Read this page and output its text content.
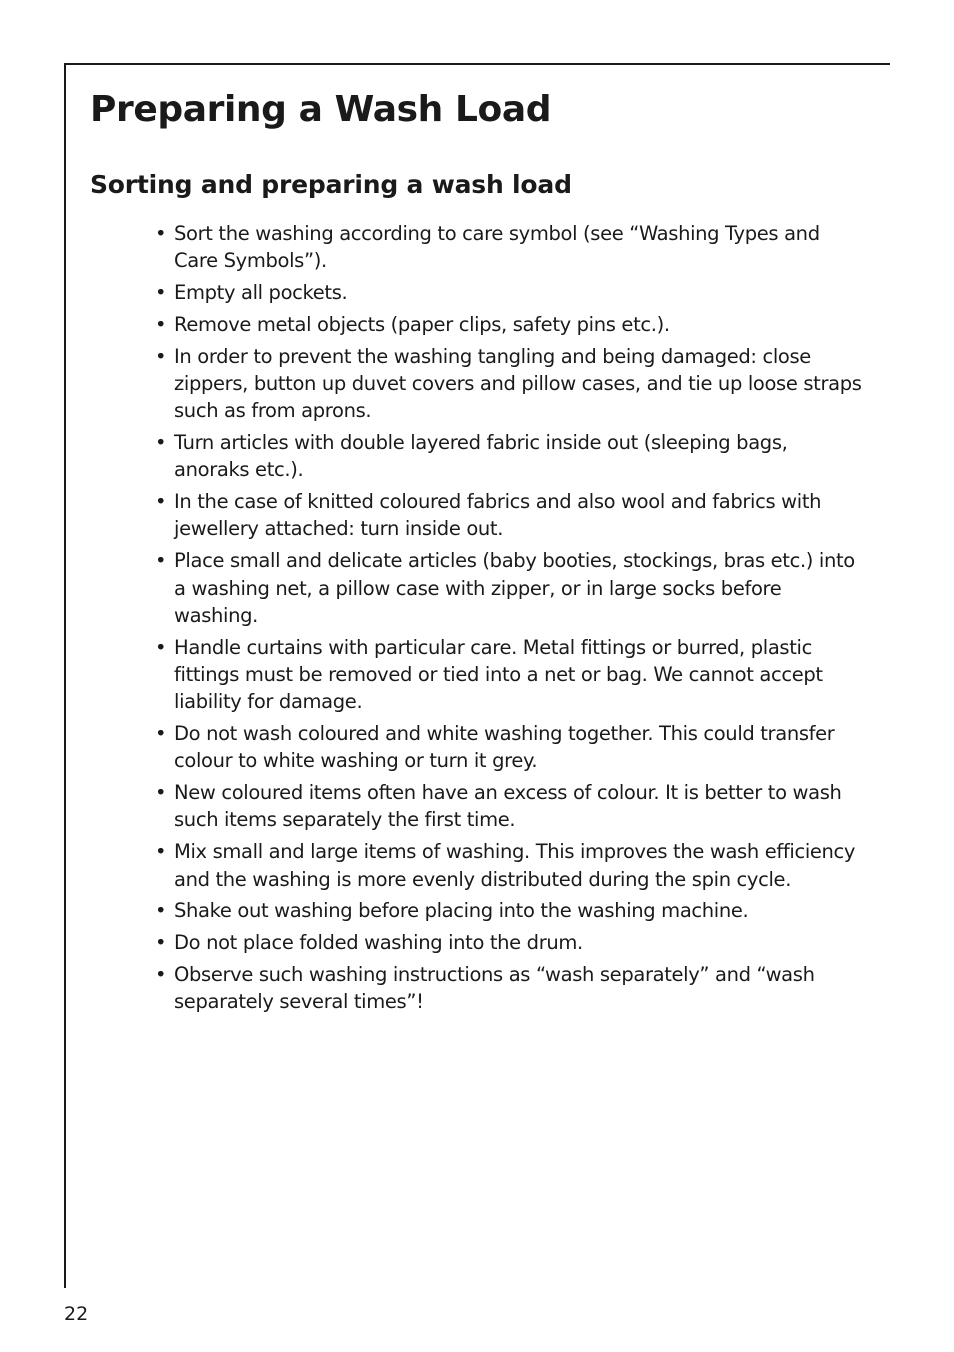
Preparing a Wash Load
Sorting and preparing a wash load
• Sort the washing according to care symbol (see “Washing Types and Care Symbols”).
• Empty all pockets.
• Remove metal objects (paper clips, safety pins etc.).
• In order to prevent the washing tangling and being damaged: close zippers, button up duvet covers and pillow cases, and tie up loose straps such as from aprons.
• Turn articles with double layered fabric inside out (sleeping bags, anoraks etc.).
• In the case of knitted coloured fabrics and also wool and fabrics with jewellery attached: turn inside out.
• Place small and delicate articles (baby booties, stockings, bras etc.) into a washing net, a pillow case with zipper, or in large socks before washing.
• Handle curtains with particular care. Metal fittings or burred, plastic fittings must be removed or tied into a net or bag. We cannot accept liability for damage.
• Do not wash coloured and white washing together. This could transfer colour to white washing or turn it grey.
• New coloured items often have an excess of colour. It is better to wash such items separately the first time.
• Mix small and large items of washing. This improves the wash efficiency and the washing is more evenly distributed during the spin cycle.
• Shake out washing before placing into the washing machine.
• Do not place folded washing into the drum.
• Observe such washing instructions as “wash separately” and “wash separately several times”!
22
